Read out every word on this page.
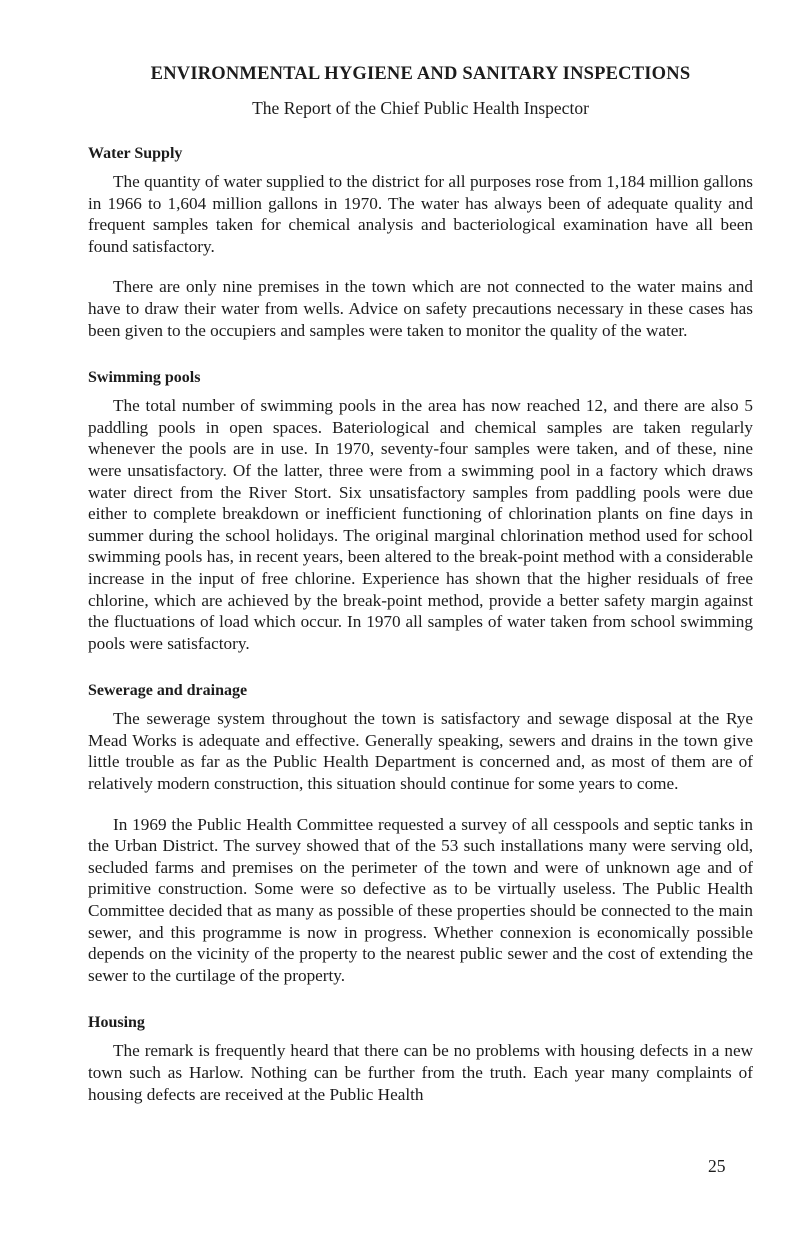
ENVIRONMENTAL HYGIENE AND SANITARY INSPECTIONS

The Report of the Chief Public Health Inspector

Water Supply

The quantity of water supplied to the district for all purposes rose from 1,184 million gallons in 1966 to 1,604 million gallons in 1970. The water has always been of adequate quality and frequent samples taken for chemical analysis and bacteriological examination have all been found satisfactory.

There are only nine premises in the town which are not connected to the water mains and have to draw their water from wells. Advice on safety precautions necessary in these cases has been given to the occupiers and samples were taken to monitor the quality of the water.

Swimming pools

The total number of swimming pools in the area has now reached 12, and there are also 5 paddling pools in open spaces. Bateriological and chemical samples are taken regularly whenever the pools are in use. In 1970, seventy-four samples were taken, and of these, nine were unsatisfactory. Of the latter, three were from a swimming pool in a factory which draws water direct from the River Stort. Six unsatisfactory samples from paddling pools were due either to complete breakdown or inefficient functioning of chlorination plants on fine days in summer during the school holidays. The original marginal chlorination method used for school swimming pools has, in recent years, been altered to the break-point method with a considerable increase in the input of free chlorine. Experience has shown that the higher residuals of free chlorine, which are achieved by the break-point method, provide a better safety margin against the fluctuations of load which occur. In 1970 all samples of water taken from school swimming pools were satisfactory.

Sewerage and drainage

The sewerage system throughout the town is satisfactory and sewage disposal at the Rye Mead Works is adequate and effective. Generally speaking, sewers and drains in the town give little trouble as far as the Public Health Department is concerned and, as most of them are of relatively modern construction, this situation should continue for some years to come.

In 1969 the Public Health Committee requested a survey of all cesspools and septic tanks in the Urban District. The survey showed that of the 53 such installations many were serving old, secluded farms and premises on the perimeter of the town and were of unknown age and of primitive construction. Some were so defective as to be virtually useless. The Public Health Committee decided that as many as possible of these properties should be connected to the main sewer, and this programme is now in progress. Whether connexion is economically possible depends on the vicinity of the property to the nearest public sewer and the cost of extending the sewer to the curtilage of the property.

Housing

The remark is frequently heard that there can be no problems with housing defects in a new town such as Harlow. Nothing can be further from the truth. Each year many complaints of housing defects are received at the Public Health

25
